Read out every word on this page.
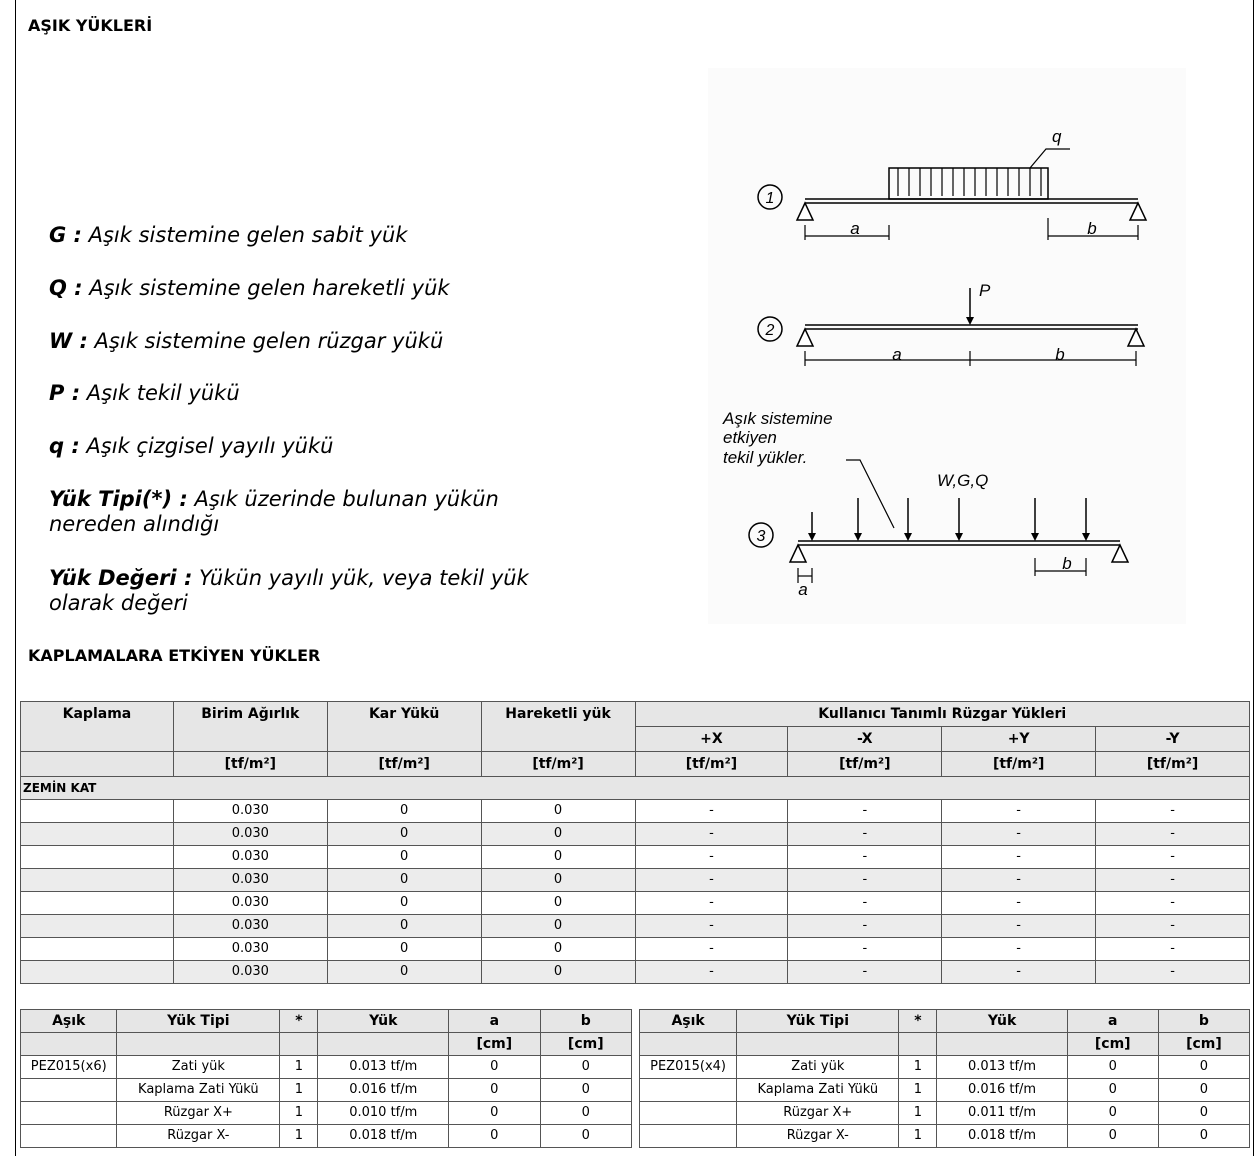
AŞIK YÜKLERİ
G : Aşık sistemine gelen sabit yük
Q : Aşık sistemine gelen hareketli yük
W : Aşık sistemine gelen rüzgar yükü
P : Aşık tekil yükü
q : Aşık çizgisel yayılı yükü
Yük Tipi(*) : Aşık üzerinde bulunan yükün nereden alındığı
Yük Değeri : Yükün yayılı yük, veya tekil yük olarak değeri
1
q
a	b
2
P
a	b
Aşık sistemine
etkiyen
tekil yükler.
W,G,Q
3
a
b
KAPLAMALARA ETKİYEN YÜKLER
Kaplama	Birim Ağırlık	Kar Yükü	Hareketli yük	Kullanıcı Tanımlı Rüzgar Yükleri			
				+X	-X	+Y	-Y
	[tf/m²]	[tf/m²]	[tf/m²]	[tf/m²]	[tf/m²]	[tf/m²]	[tf/m²]
ZEMİN KAT							
	0.030	0	0	-	-	-	-
	0.030	0	0	-	-	-	-
	0.030	0	0	-	-	-	-
	0.030	0	0	-	-	-	-
	0.030	0	0	-	-	-	-
	0.030	0	0	-	-	-	-
	0.030	0	0	-	-	-	-
	0.030	0	0	-	-	-	-
Aşık	Yük Tipi	*	Yük	a	b
				[cm]	[cm]
PEZ015(x6)	Zati yük	1	0.013 tf/m	0	0
	Kaplama Zati Yükü	1	0.016 tf/m	0	0
	Rüzgar X+	1	0.010 tf/m	0	0
	Rüzgar X-	1	0.018 tf/m	0	0
Aşık	Yük Tipi	*	Yük	a	b
				[cm]	[cm]
PEZ015(x4)	Zati yük	1	0.013 tf/m	0	0
	Kaplama Zati Yükü	1	0.016 tf/m	0	0
	Rüzgar X+	1	0.011 tf/m	0	0
	Rüzgar X-	1	0.018 tf/m	0	0
